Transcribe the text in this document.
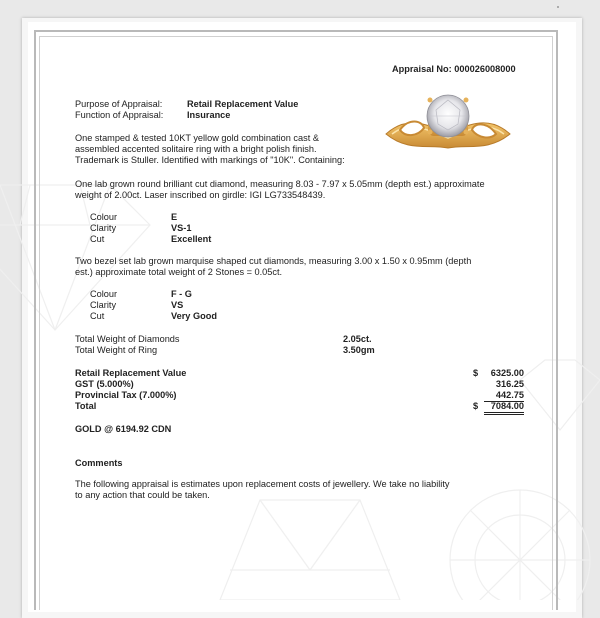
Appraisal No: 000026008000
Purpose of Appraisal:	Retail Replacement Value
Function of Appraisal:	Insurance
One stamped & tested 10KT yellow gold combination cast &
assembled accented solitaire ring with a bright polish finish.
Trademark is Stuller. Identified with markings of "10K". Containing:
One lab grown round brilliant cut diamond, measuring 8.03 - 7.97 x 5.05mm (depth est.) approximate
weight of 2.00ct. Laser inscribed on girdle: IGI LG733548439.
Colour	E
Clarity	VS-1
Cut	Excellent
Two bezel set lab grown marquise shaped cut diamonds, measuring 3.00 x 1.50 x 0.95mm (depth
est.) approximate total weight of 2 Stones = 0.05ct.
Colour	F - G
Clarity	VS
Cut	Very Good
Total Weight of Diamonds	2.05ct.
Total Weight of Ring	3.50gm
Retail Replacement Value	$	6325.00
GST (5.000%)	316.25
Provincial Tax (7.000%)	442.75
Total	$	7084.00
GOLD @ 6194.92 CDN
Comments
The following appraisal is estimates upon replacement costs of jewellery. We take no liability
to any action that could be taken.
